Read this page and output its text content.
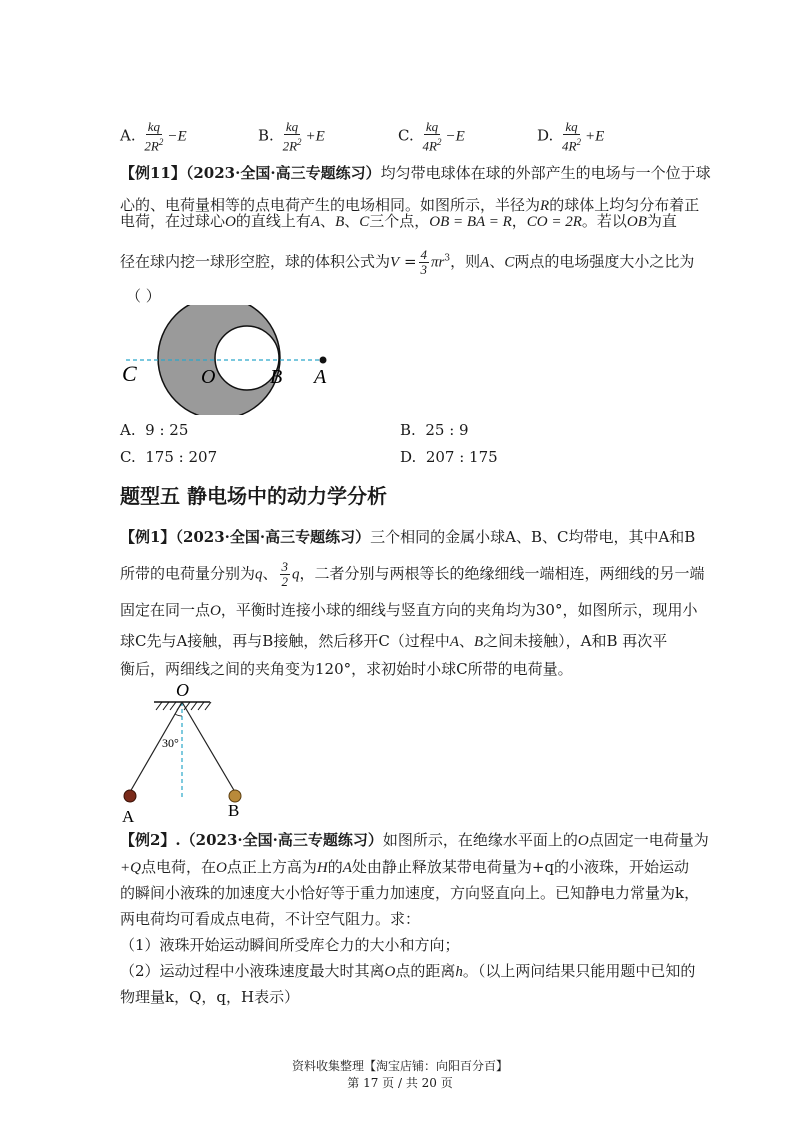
A. $\frac{kq}{2R^2} -E$	B. $\frac{kq}{2R^2} +E$	C. $\frac{kq}{4R^2} -E$	D. $\frac{kq}{4R^2} +E$
【例11】（2023·全国·高三专题练习）均匀带电球体在球的外部产生的电场与一个位于球
心的、电荷量相等的点电荷产生的电场相同。如图所示，半径为R的球体上均匀分布着正
电荷，在过球心O的直线上有A、B、C三个点，OB = BA = R，CO = 2R。若以OB为直
径在球内挖一球形空腔，球的体积公式为$V = \frac{4}{3} \pi r^3$，则A、C两点的电场强度大小之比为
（ ）
C	O	B A
A. 9 : 25	B. 25 : 9
C. 175 : 207	D. 207 : 175
题型五 静电场中的动力学分析
【例1】（2023·全国·高三专题练习）三个相同的金属小球A、B、C均带电，其中A和B
所带的电荷量分别为q、 $\frac{3}{2}$ q，二者分别与两根等长的绝缘细线一端相连，两细线的另一端
固定在同一点O，平衡时连接小球的细线与竖直方向的夹角均为30°，如图所示，现用小
球C先与A接触，再与B接触，然后移开C（过程中A、B之间未接触），A和B 再次平
衡后，两细线之间的夹角变为120°，求初始时小球C所带的电荷量。
O
30°
A	B
【例2】.（2023·全国·高三专题练习）如图所示，在绝缘水平面上的O点固定一电荷量为
+Q点电荷，在O点正上方高为H的A处由静止释放某带电荷量为+q的小液珠，开始运动
的瞬间小液珠的加速度大小恰好等于重力加速度，方向竖直向上。已知静电力常量为k，
两电荷均可看成点电荷，不计空气阻力。求：
（1）液珠开始运动瞬间所受库仑力的大小和方向；
（2）运动过程中小液珠速度最大时其离O点的距离h。（以上两问结果只能用题中已知的
物理量k，Q，q，H表示）
资料收集整理【淘宝店铺：向阳百分百】
第 17 页 / 共 20 页
